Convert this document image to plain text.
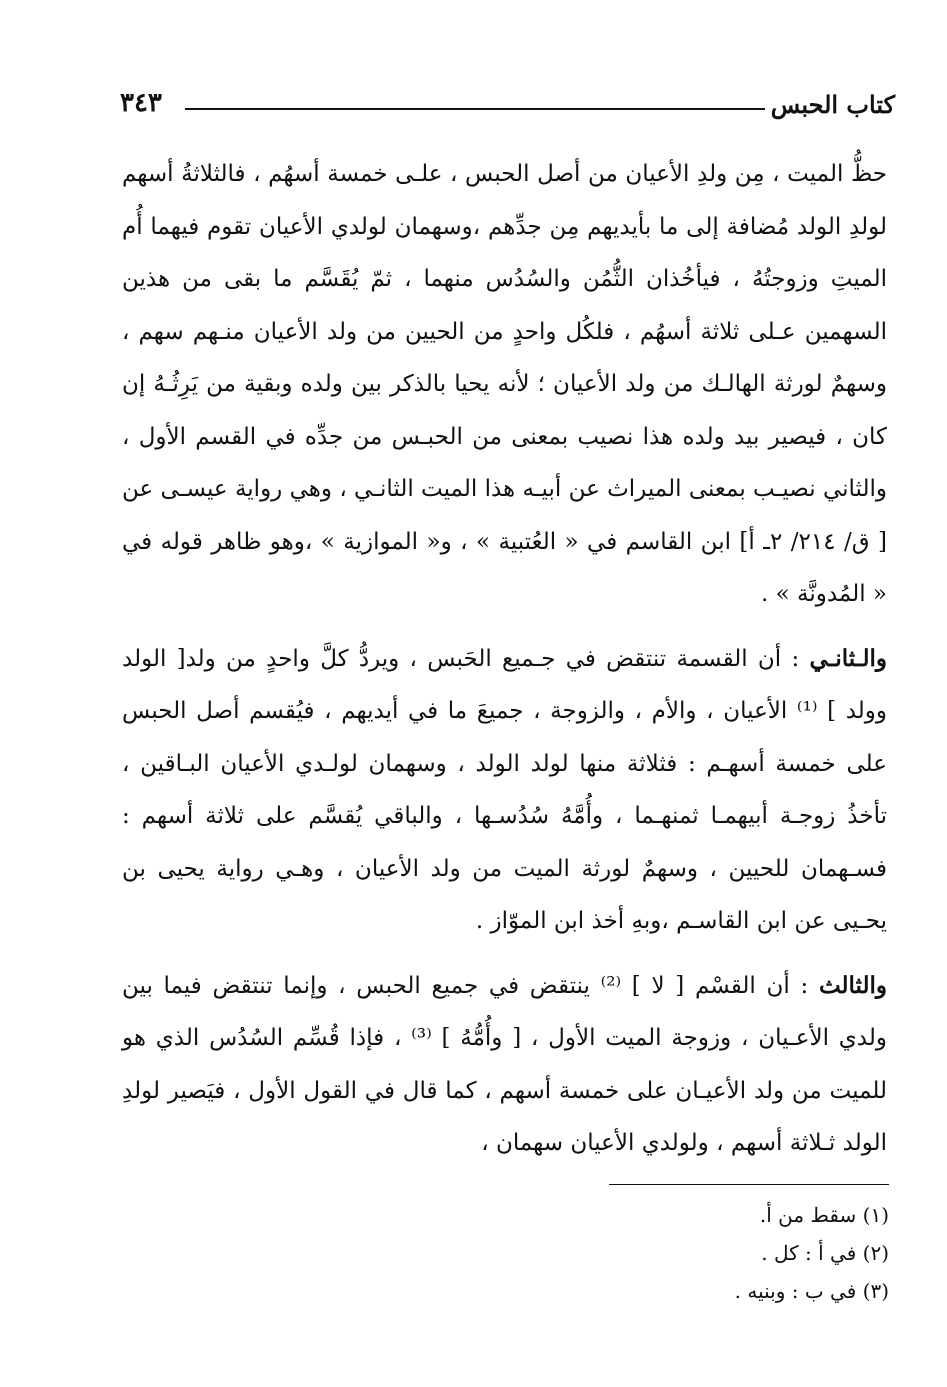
كتاب الحبس
٣٤٣

حظُّ الميت ، مِن ولدِ الأعيان من أصل الحبس ، علـى خمسة أسهُم ، فالثلاثةُ أسهم لولدِ الولد مُضافة إلى ما بأيديهم مِن جدِّهم ،وسهمان لولدي الأعيان تقوم فيهما أُم الميتِ وزوجتُهُ ، فيأخُذان الثُّمُن والسُدُس منهما ، ثمّ يُقَسَّم ما بقى من هذين السهمين عـلى ثلاثة أسهُم ، فلكُل واحدٍ من الحيين من ولد الأعيان منـهم سهم ، وسهمٌ لورثة الهالـك من ولد الأعيان ؛ لأنه يحيا بالذكر بين ولده وبقية من يَرِثُـهُ إن كان ، فيصير بيد ولده هذا نصيب بمعنى من الحبـس من جدِّه في القسم الأول ، والثاني نصيـب بمعنى الميراث عن أبيـه هذا الميت الثانـي ، وهي رواية عيسـى عن [ ق/ ٢١٤/ ٢ـ أ] ابن القاسم في « العُتبية » ، و« الموازية » ،وهو ظاهر قوله في « المُدونَّة » .

والـثانـي : أن القسمة تنتقض في جـميع الحَبس ، ويردُّ كلَّ واحدٍ من ولد[ الولد وولد ] ⁽¹⁾ الأعيان ، والأم ، والزوجة ، جميعَ ما في أيديهم ، فيُقسم أصل الحبس على خمسة أسهـم : فثلاثة منها لولد الولد ، وسهمان لولـدي الأعيان البـاقين ، تأخذُ زوجـة أبيهمـا ثمنهـما ، وأُمَّهُ سُدُسـها ، والباقي يُقسَّم على ثلاثة أسهم : فسـهمان للحيين ، وسهمٌ لورثة الميت من ولد الأعيان ، وهـي رواية يحيى بن يحـيى عن ابن القاسـم ،وبهِ أخذ ابن الموّاز .

والثالث : أن القسْم [ لا ] ⁽²⁾ ينتقض في جميع الحبس ، وإنما تنتقض فيما بين ولدي الأعـيان ، وزوجة الميت الأول ، [ وأُمُّهُ ] ⁽³⁾ ، فإذا قُسِّم السُدُس الذي هو للميت من ولد الأعيـان على خمسة أسهم ، كما قال في القول الأول ، فيَصير لولدِ الولد ثـلاثة أسهم ، ولولدي الأعيان سهمان ،

(١) سقط من أ.

(٢) في أ : كل .

(٣) في ب : وبنيه .
